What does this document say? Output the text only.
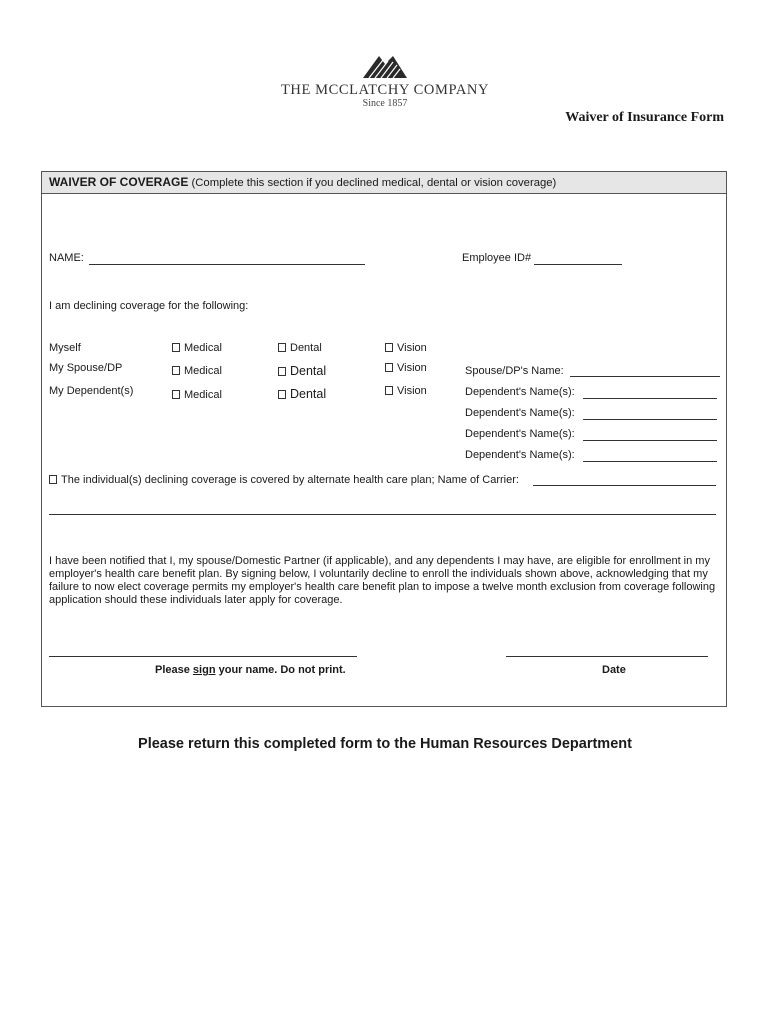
THE MCCLATCHY COMPANY
Since 1857
Waiver of Insurance Form
WAIVER OF COVERAGE (Complete this section if you declined medical, dental or vision coverage)
NAME:	Employee ID#
I am declining coverage for the following:
Myself	Medical	Dental	Vision
My Spouse/DP	Medical	Dental	Vision	Spouse/DP's Name:
My Dependent(s)	Medical	Dental	Vision	Dependent's Name(s):
Dependent's Name(s):
Dependent's Name(s):
Dependent's Name(s):
The individual(s) declining coverage is covered by alternate health care plan; Name of Carrier:
I have been notified that I, my spouse/Domestic Partner (if applicable), and any dependents I may have, are eligible for enrollment in my employer's health care benefit plan. By signing below, I voluntarily decline to enroll the individuals shown above, acknowledging that my failure to now elect coverage permits my employer's health care benefit plan to impose a twelve month exclusion from coverage following application should these individuals later apply for coverage.
Please sign your name. Do not print.	Date
Please return this completed form to the Human Resources Department
